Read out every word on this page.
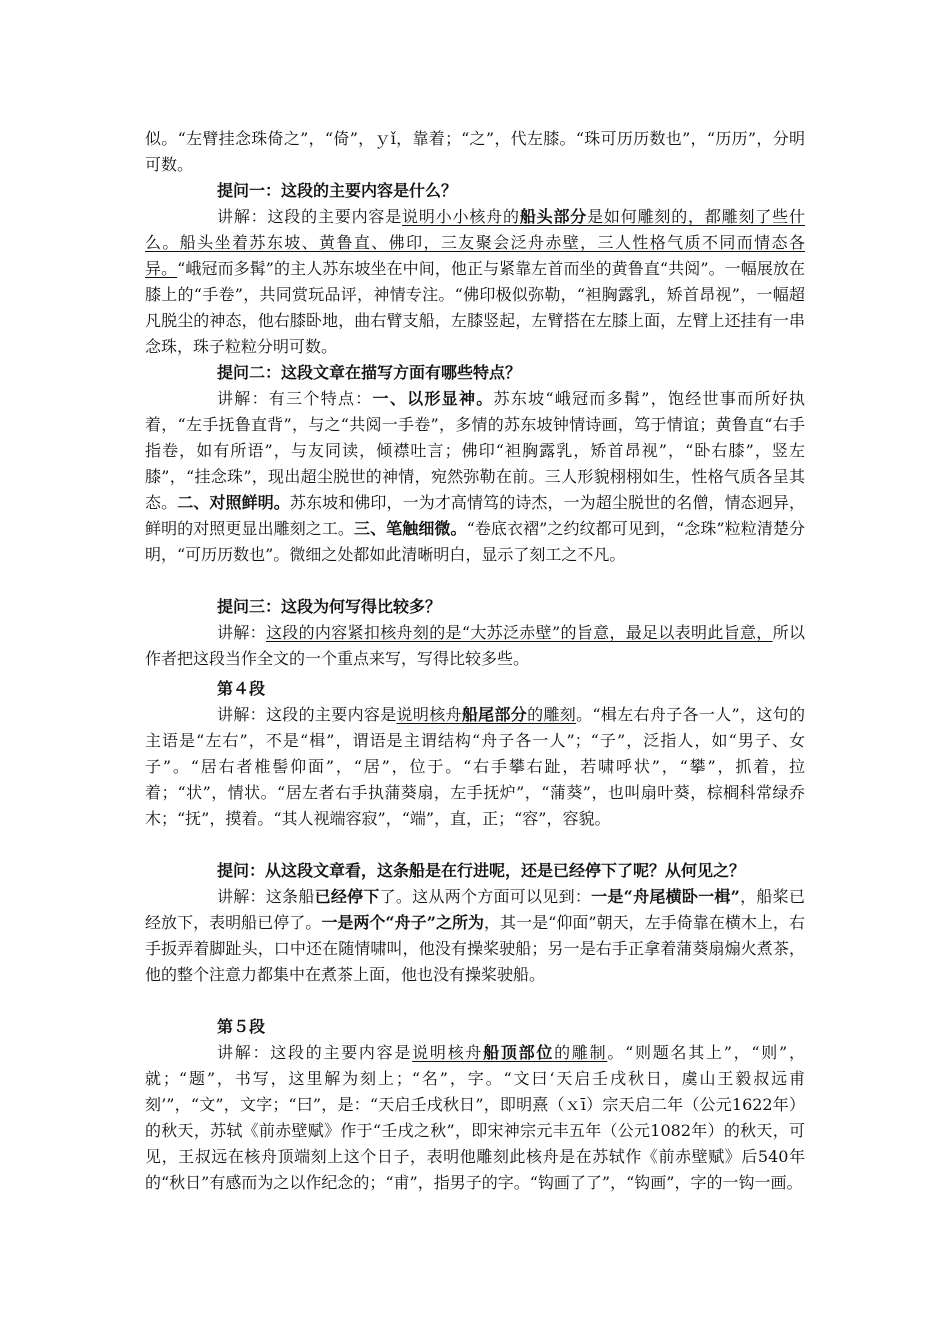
似。“左臂挂念珠倚之”，“倚”，ｙǐ，靠着；“之”，代左膝。“珠可历历数也”，“历历”，分明可数。

提问一：这段的主要内容是什么？

讲解：这段的主要内容是说明小小核舟的船头部分是如何雕刻的，都雕刻了些什么。船头坐着苏东坡、黄鲁直、佛印，三友聚会泛舟赤壁，三人性格气质不同而情态各异。“峨冠而多髯”的主人苏东坡坐在中间，他正与紧靠左首而坐的黄鲁直“共阅”。一幅展放在膝上的“手卷”，共同赏玩品评，神情专注。“佛印极似弥勒，“袒胸露乳，矫首昂视”，一幅超凡脱尘的神态，他右膝卧地，曲右臂支船，左膝竖起，左臂搭在左膝上面，左臂上还挂有一串念珠，珠子粒粒分明可数。

提问二：这段文章在描写方面有哪些特点？

讲解：有三个特点：一、以形显神。苏东坡“峨冠而多髯”，饱经世事而所好执着，“左手抚鲁直背”，与之“共阅一手卷”，多情的苏东坡钟情诗画，笃于情谊；黄鲁直“右手指卷，如有所语”，与友同读，倾襟吐言；佛印“袒胸露乳，矫首昂视”，“卧右膝”，竖左膝”，“挂念珠”，现出超尘脱世的神情，宛然弥勒在前。三人形貌栩栩如生，性格气质各呈其态。二、对照鲜明。苏东坡和佛印，一为才高情笃的诗杰，一为超尘脱世的名僧，情态迥异，鲜明的对照更显出雕刻之工。三、笔触细微。“卷底衣褶”之约纹都可见到，“念珠”粒粒清楚分明，“可历历数也”。微细之处都如此清晰明白，显示了刻工之不凡。

提问三：这段为何写得比较多？

讲解：这段的内容紧扣核舟刻的是“大苏泛赤壁”的旨意，最足以表明此旨意，所以作者把这段当作全文的一个重点来写，写得比较多些。

第４段

讲解：这段的主要内容是说明核舟船尾部分的雕刻。“楫左右舟子各一人”，这句的主语是“左右”，不是“楫”，谓语是主谓结构“舟子各一人”；“子”，泛指人，如“男子、女子”。“居右者椎髻仰面”，“居”，位于。“右手攀右趾，若啸呼状”，“攀”，抓着，拉着；“状”，情状。“居左者右手执蒲葵扇，左手抚炉”，“蒲葵”，也叫扇叶葵，棕榈科常绿乔木；“抚”，摸着。“其人视端容寂”，“端”，直，正；“容”，容貌。

提问：从这段文章看，这条船是在行进呢，还是已经停下了呢？从何见之？

讲解：这条船已经停下了。这从两个方面可以见到：一是“舟尾横卧一楫”，船桨已经放下，表明船已停了。一是两个“舟子”之所为，其一是“仰面”朝天，左手倚靠在横木上，右手扳弄着脚趾头，口中还在随情啸叫，他没有操桨驶船；另一是右手正拿着蒲葵扇煽火煮茶，他的整个注意力都集中在煮茶上面，他也没有操桨驶船。

第５段

讲解：这段的主要内容是说明核舟船顶部位的雕制。“则题名其上”，“则”，就；“题”，书写，这里解为刻上；“名”，字。“文曰‘天启壬戌秋日，虞山王毅叔远甫刻’”，“文”，文字；“曰”，是：“天启壬戌秋日”，即明熹（ｘī）宗天启二年（公元1622年）的秋天，苏轼《前赤壁赋》作于“壬戌之秋”，即宋神宗元丰五年（公元1082年）的秋天，可见，王叔远在核舟顶端刻上这个日子，表明他雕刻此核舟是在苏轼作《前赤壁赋》后540年的“秋日”有感而为之以作纪念的；“甫”，指男子的字。“钩画了了”，“钩画”，字的一钩一画。
